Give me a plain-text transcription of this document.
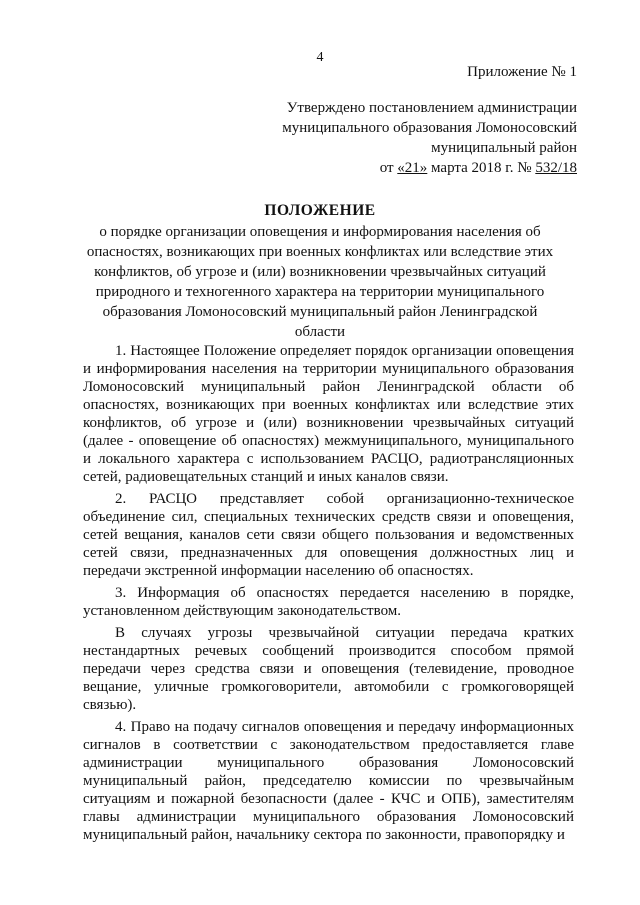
4
Приложение № 1
Утверждено постановлением администрации
муниципального образования Ломоносовский
муниципальный район
от «21» марта 2018 г. № 532/18
ПОЛОЖЕНИЕ
о порядке организации оповещения и информирования населения об опасностях, возникающих при военных конфликтах или вследствие этих конфликтов, об угрозе и (или) возникновении чрезвычайных ситуаций природного и техногенного характера на территории муниципального образования Ломоносовский муниципальный район Ленинградской области

1. Настоящее Положение определяет порядок организации оповещения и информирования населения на территории муниципального образования Ломоносовский муниципальный район Ленинградской области об опасностях, возникающих при военных конфликтах или вследствие этих конфликтов, об угрозе и (или) возникновении чрезвычайных ситуаций (далее - оповещение об опасностях) межмуниципального, муниципального и локального характера с использованием РАСЦО, радиотрансляционных сетей, радиовещательных станций и иных каналов связи.

2. РАСЦО представляет собой организационно-техническое объединение сил, специальных технических средств связи и оповещения, сетей вещания, каналов сети связи общего пользования и ведомственных сетей связи, предназначенных для оповещения должностных лиц и передачи экстренной информации населению об опасностях.

3. Информация об опасностях передается населению в порядке, установленном действующим законодательством.

В случаях угрозы чрезвычайной ситуации передача кратких нестандартных речевых сообщений производится способом прямой передачи через средства связи и оповещения (телевидение, проводное вещание, уличные громкоговорители, автомобили с громкоговорящей связью).

4. Право на подачу сигналов оповещения и передачу информационных сигналов в соответствии с законодательством предоставляется главе администрации муниципального образования Ломоносовский муниципальный район, председателю комиссии по чрезвычайным ситуациям и пожарной безопасности (далее - КЧС и ОПБ), заместителям главы администрации муниципального образования Ломоносовский муниципальный район, начальнику сектора по законности, правопорядку и
